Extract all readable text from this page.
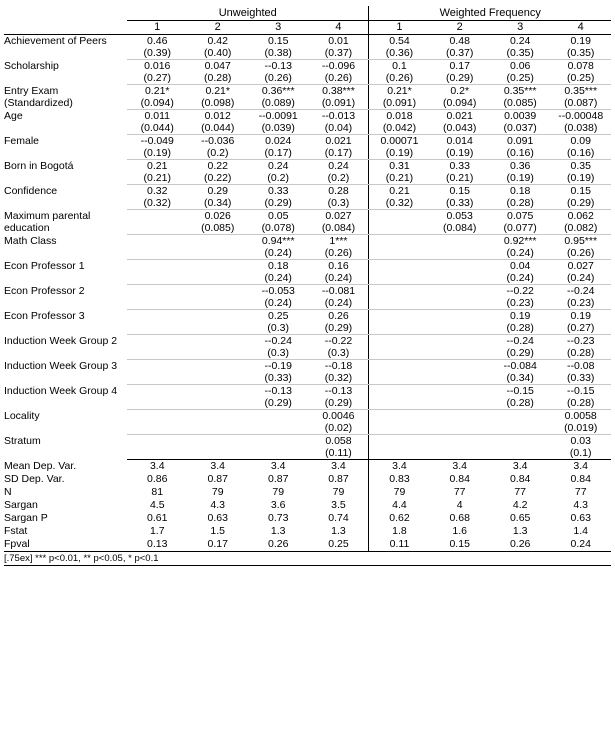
	Unweighted				Weighted Frequency			
	1	2	3	4	1	2	3	4
Achievement of Peers	0.46	0.42	0.15	0.01	0.54	0.48	0.24	0.19
	(0.39)	(0.40)	(0.38)	(0.37)	(0.36)	(0.37)	(0.35)	(0.35)
Scholarship	0.016	0.047	--0.13	--0.096	0.1	0.17	0.06	0.078
	(0.27)	(0.28)	(0.26)	(0.26)	(0.26)	(0.29)	(0.25)	(0.25)
Entry Exam (Standardized)	0.21*	0.21*	0.36***	0.38***	0.21*	0.2*	0.35***	0.35***
	(0.094)	(0.098)	(0.089)	(0.091)	(0.091)	(0.094)	(0.085)	(0.087)
Age	0.011	0.012	--0.0091	--0.013	0.018	0.021	0.0039	--0.00048
	(0.044)	(0.044)	(0.039)	(0.04)	(0.042)	(0.043)	(0.037)	(0.038)
Female	--0.049	--0.036	0.024	0.021	0.00071	0.014	0.091	0.09
	(0.19)	(0.2)	(0.17)	(0.17)	(0.19)	(0.19)	(0.16)	(0.16)
Born in Bogotá	0.21	0.22	0.24	0.24	0.31	0.33	0.36	0.35
	(0.21)	(0.22)	(0.2)	(0.2)	(0.21)	(0.21)	(0.19)	(0.19)
Confidence	0.32	0.29	0.33	0.28	0.21	0.15	0.18	0.15
	(0.32)	(0.34)	(0.29)	(0.3)	(0.32)	(0.33)	(0.28)	(0.29)
Maximum parental education		0.026	0.05	0.027		0.053	0.075	0.062
		(0.085)	(0.078)	(0.084)		(0.084)	(0.077)	(0.082)
Math Class			0.94***	1***			0.92***	0.95***
			(0.24)	(0.26)			(0.24)	(0.26)
Econ Professor 1			0.18	0.16			0.04	0.027
			(0.24)	(0.24)			(0.24)	(0.24)
Econ Professor 2			--0.053	--0.081			--0.22	--0.24
			(0.24)	(0.24)			(0.23)	(0.23)
Econ Professor 3			0.25	0.26			0.19	0.19
			(0.3)	(0.29)			(0.28)	(0.27)
Induction Week Group 2			--0.24	--0.22			--0.24	--0.23
			(0.3)	(0.3)			(0.29)	(0.28)
Induction Week Group 3			--0.19	--0.18			--0.084	--0.08
			(0.33)	(0.32)			(0.34)	(0.33)
Induction Week Group 4			--0.13	--0.13			--0.15	--0.15
			(0.29)	(0.29)			(0.28)	(0.28)
Locality				0.0046				0.0058
				(0.02)				(0.019)
Stratum				0.058				0.03
				(0.11)				(0.1)
Mean Dep. Var.	3.4	3.4	3.4	3.4	3.4	3.4	3.4	3.4
SD Dep. Var.	0.86	0.87	0.87	0.87	0.83	0.84	0.84	0.84
N	81	79	79	79	79	77	77	77
Sargan	4.5	4.3	3.6	3.5	4.4	4	4.2	4.3
Sargan P	0.61	0.63	0.73	0.74	0.62	0.68	0.65	0.63
Fstat	1.7	1.5	1.3	1.3	1.8	1.6	1.3	1.4
Fpval	0.13	0.17	0.26	0.25	0.11	0.15	0.26	0.24
[.75ex] *** p<0.01, ** p<0.05, * p<0.1								
